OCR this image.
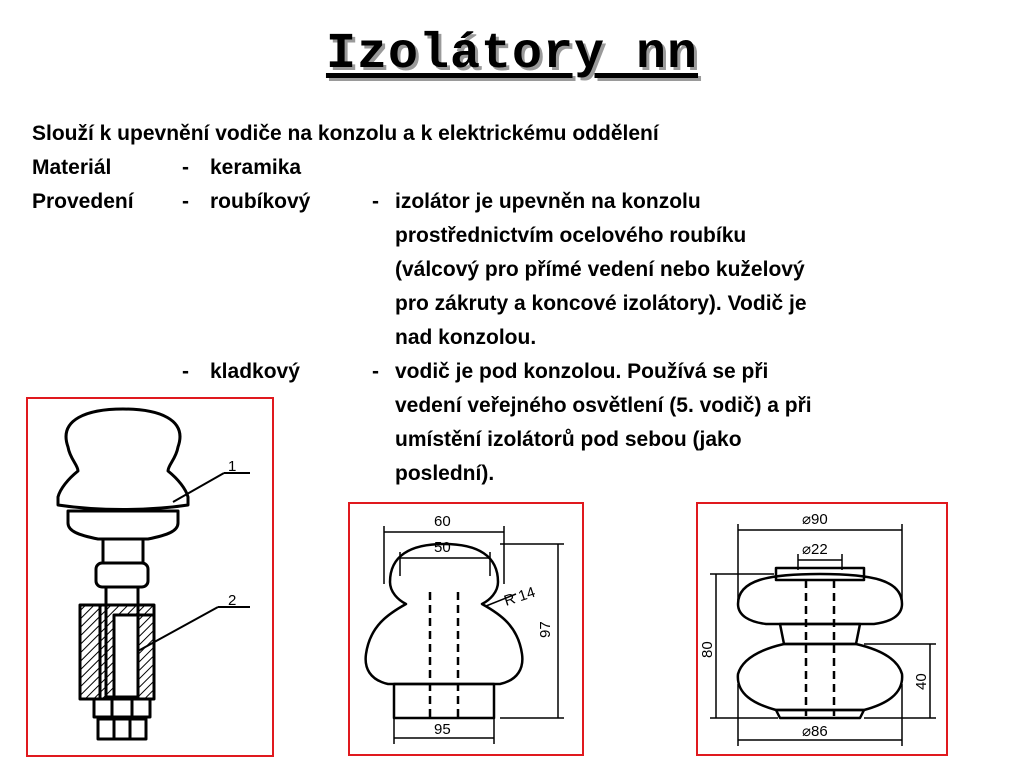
Izolátory nn
Slouží k upevnění vodiče na konzolu a k elektrickému oddělení
Materiál	- keramika
Provedení - roubíkový	- izolátor je upevněn na konzolu
prostřednictvím ocelového roubíku
(válcový pro přímé vedení nebo kuželový
pro zákruty a koncové izolátory). Vodič je
nad konzolou.
- kladkový	- vodič je pod konzolou. Používá se při
vedení veřejného osvětlení (5. vodič) a při
umístění izolátorů pod sebou (jako
poslední).
1
2
60
50
R 14
97
95
⌀90
⌀22
80
40
⌀86
